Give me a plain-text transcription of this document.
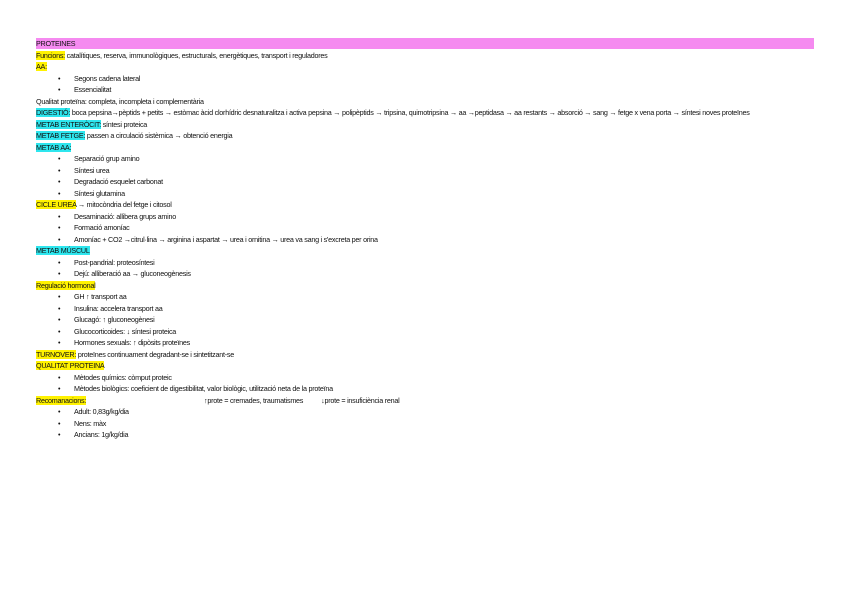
PROTEINES
Funcions: catalítiques, reserva, immunològiques, estructurals, energètiques, transport i reguladores
AA:
• Segons cadena lateral
• Essencialitat
Qualitat proteïna: completa, incompleta i complementària
DIGESTIÓ: boca pepsina→pèptids + petits → estòmac àcid clorhídric desnaturalitza i activa pepsina → polipèptids → tripsina, quimotripsina → aa →peptidasa → aa restants → absorció → sang → fetge x vena porta → síntesi noves proteïnes
METAB ENTERÒCIT: síntesi proteica
METAB FETGE: passen a circulació sistèmica → obtenció energia
METAB AA:
• Separació grup amino
• Síntesi urea
• Degradació esquelet carbonat
• Síntesi glutamina
CICLE UREA → mitocòndria del fetge i citosol
• Desaminació: allibera grups amino
• Formació amoníac
• Amoníac + CO2 →citrul·lina → arginina i aspartat → urea i ornitina → urea va sang i s'excreta per orina
METAB MÚSCUL
• Post-pandrial: proteosíntesi
• Dejú: alliberació aa → gluconeogènesis
Regulació hormonal
• GH ↑ transport aa
• Insulina: accelera transport aa
• Glucagó: ↑ gluconeogènesi
• Glucocorticoides: ↓ síntesi proteica
• Hormones sexuals: ↑ dipòsits proteïnes
TURNOVER: proteïnes continuament degradant-se i sintetitzant-se
QUALITAT PROTEINA
• Mètodes químics: còmput proteic
• Mètodes biològics: coeficient de digestibilitat, valor biològic, utilització neta de la proteïna
Recomanacions:	↑prote = cremades, traumatismes	↓prote = insuficiència renal
• Adult: 0,83g/kg/dia
• Nens: màx
• Ancians: 1g/kg/dia
